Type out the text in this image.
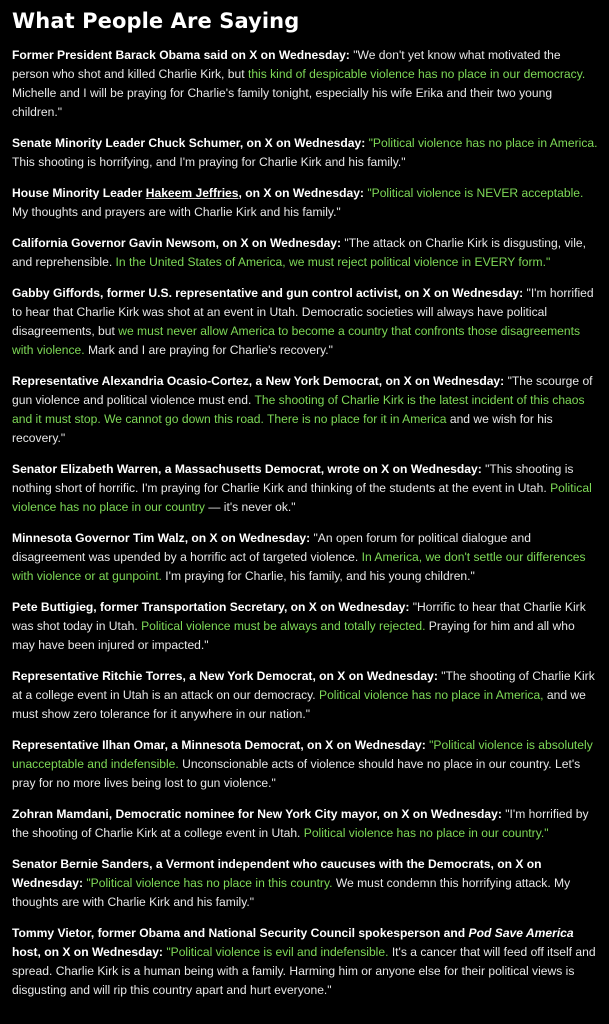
What People Are Saying

Former President Barack Obama said on X on Wednesday: "We don't yet know what motivated the person who shot and killed Charlie Kirk, but this kind of despicable violence has no place in our democracy. Michelle and I will be praying for Charlie's family tonight, especially his wife Erika and their two young children."

Senate Minority Leader Chuck Schumer, on X on Wednesday: "Political violence has no place in America. This shooting is horrifying, and I'm praying for Charlie Kirk and his family."

House Minority Leader Hakeem Jeffries, on X on Wednesday: "Political violence is NEVER acceptable. My thoughts and prayers are with Charlie Kirk and his family."

California Governor Gavin Newsom, on X on Wednesday: "The attack on Charlie Kirk is disgusting, vile, and reprehensible. In the United States of America, we must reject political violence in EVERY form."

Gabby Giffords, former U.S. representative and gun control activist, on X on Wednesday: "I'm horrified to hear that Charlie Kirk was shot at an event in Utah. Democratic societies will always have political disagreements, but we must never allow America to become a country that confronts those disagreements with violence. Mark and I are praying for Charlie's recovery."

Representative Alexandria Ocasio-Cortez, a New York Democrat, on X on Wednesday: "The scourge of gun violence and political violence must end. The shooting of Charlie Kirk is the latest incident of this chaos and it must stop. We cannot go down this road. There is no place for it in America and we wish for his recovery."

Senator Elizabeth Warren, a Massachusetts Democrat, wrote on X on Wednesday: "This shooting is nothing short of horrific. I'm praying for Charlie Kirk and thinking of the students at the event in Utah. Political violence has no place in our country — it's never ok."

Minnesota Governor Tim Walz, on X on Wednesday: "An open forum for political dialogue and disagreement was upended by a horrific act of targeted violence. In America, we don't settle our differences with violence or at gunpoint. I'm praying for Charlie, his family, and his young children."

Pete Buttigieg, former Transportation Secretary, on X on Wednesday: "Horrific to hear that Charlie Kirk was shot today in Utah. Political violence must be always and totally rejected. Praying for him and all who may have been injured or impacted."

Representative Ritchie Torres, a New York Democrat, on X on Wednesday: "The shooting of Charlie Kirk at a college event in Utah is an attack on our democracy. Political violence has no place in America, and we must show zero tolerance for it anywhere in our nation."

Representative Ilhan Omar, a Minnesota Democrat, on X on Wednesday: "Political violence is absolutely unacceptable and indefensible. Unconscionable acts of violence should have no place in our country. Let's pray for no more lives being lost to gun violence."

Zohran Mamdani, Democratic nominee for New York City mayor, on X on Wednesday: "I'm horrified by the shooting of Charlie Kirk at a college event in Utah. Political violence has no place in our country."

Senator Bernie Sanders, a Vermont independent who caucuses with the Democrats, on X on Wednesday: "Political violence has no place in this country. We must condemn this horrifying attack. My thoughts are with Charlie Kirk and his family."

Tommy Vietor, former Obama and National Security Council spokesperson and Pod Save America host, on X on Wednesday: "Political violence is evil and indefensible. It's a cancer that will feed off itself and spread. Charlie Kirk is a human being with a family. Harming him or anyone else for their political views is disgusting and will rip this country apart and hurt everyone."
